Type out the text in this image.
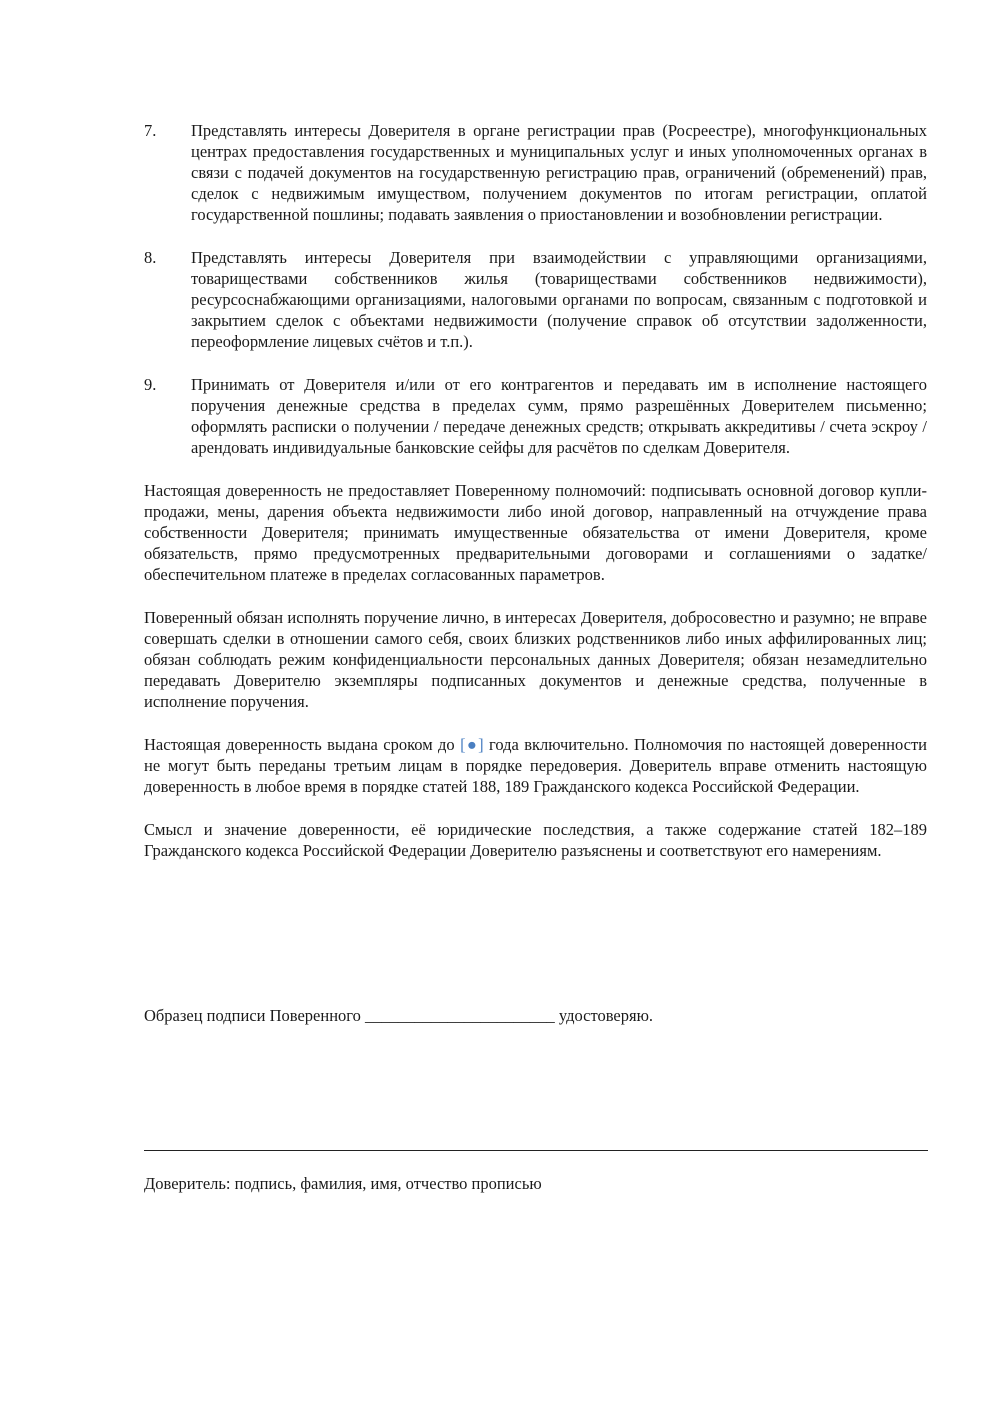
7. Представлять интересы Доверителя в органе регистрации прав (Росреестре), многофункциональных центрах предоставления государственных и муниципальных услуг и иных уполномоченных органах в связи с подачей документов на государственную регистрацию прав, ограничений (обременений) прав, сделок с недвижимым имуществом, получением документов по итогам регистрации, оплатой государственной пошлины; подавать заявления о приостановлении и возобновлении регистрации.

8. Представлять интересы Доверителя при взаимодействии с управляющими организациями, товариществами собственников жилья (товариществами собственников недвижимости), ресурсоснабжающими организациями, налоговыми органами по вопросам, связанным с подготовкой и закрытием сделок с объектами недвижимости (получение справок об отсутствии задолженности, переоформление лицевых счётов и т.п.).

9. Принимать от Доверителя и/или от его контрагентов и передавать им в исполнение настоящего поручения денежные средства в пределах сумм, прямо разрешённых Доверителем письменно; оформлять расписки о получении / передаче денежных средств; открывать аккредитивы / счета эскроу / арендовать индивидуальные банковские сейфы для расчётов по сделкам Доверителя.

Настоящая доверенность не предоставляет Поверенному полномочий: подписывать основной договор купли-продажи, мены, дарения объекта недвижимости либо иной договор, направленный на отчуждение права собственности Доверителя; принимать имущественные обязательства от имени Доверителя, кроме обязательств, прямо предусмотренных предварительными договорами и соглашениями о задатке/обеспечительном платеже в пределах согласованных параметров.

Поверенный обязан исполнять поручение лично, в интересах Доверителя, добросовестно и разумно; не вправе совершать сделки в отношении самого себя, своих близких родственников либо иных аффилированных лиц; обязан соблюдать режим конфиденциальности персональных данных Доверителя; обязан незамедлительно передавать Доверителю экземпляры подписанных документов и денежные средства, полученные в исполнение поручения.

Настоящая доверенность выдана сроком до [●] года включительно. Полномочия по настоящей доверенности не могут быть переданы третьим лицам в порядке передоверия. Доверитель вправе отменить настоящую доверенность в любое время в порядке статей 188, 189 Гражданского кодекса Российской Федерации.

Смысл и значение доверенности, её юридические последствия, а также содержание статей 182–189 Гражданского кодекса Российской Федерации Доверителю разъяснены и соответствуют его намерениям.

Образец подписи Поверенного _______________________ удостоверяю.
Доверитель: подпись, фамилия, имя, отчество прописью
